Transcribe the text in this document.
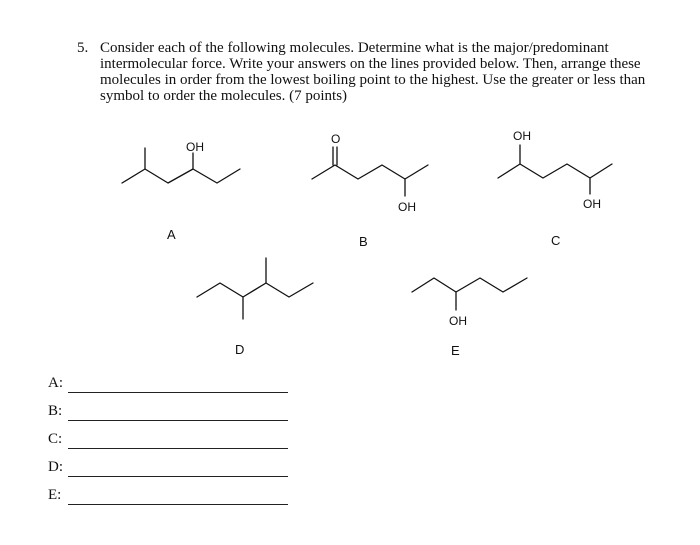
5. Consider each of the following molecules. Determine what is the major/predominant
intermolecular force. Write your answers on the lines provided below. Then, arrange these
molecules in order from the lowest boiling point to the highest. Use the greater or less than
symbol to order the molecules. (7 points)
OH
O
OH
OH
OH
OH
A	B	C
D	E
A:
B:
C:
D:
E:
